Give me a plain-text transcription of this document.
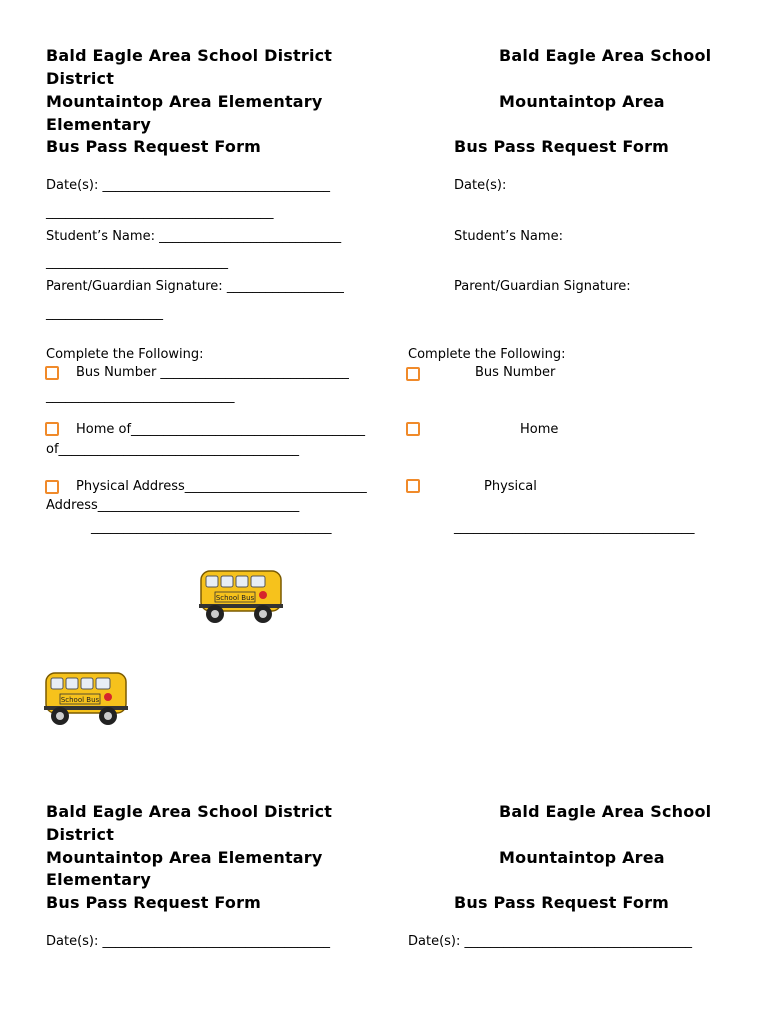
Bald Eagle Area School District
District
Mountaintop Area Elementary
Elementary
Bus Pass Request Form
Date(s): ___________________________________
___________________________________
Student’s Name: ____________________________
____________________________
Parent/Guardian Signature: __________________
__________________
Complete the Following:
Bus Number _____________________________
_____________________________
Home of____________________________________
of_____________________________________
Physical Address____________________________
Address_______________________________
_____________________________________
Bald Eagle Area School
Mountaintop Area
Bus Pass Request Form
Date(s):
Student’s Name:
Parent/Guardian Signature:
Complete the Following:
Bus Number
Home
Physical
_____________________________________
School Bus
School Bus
Bald Eagle Area School District
District
Mountaintop Area Elementary
Elementary
Bus Pass Request Form
Date(s): ___________________________________
Bald Eagle Area School
Mountaintop Area
Bus Pass Request Form
Date(s): ___________________________________
